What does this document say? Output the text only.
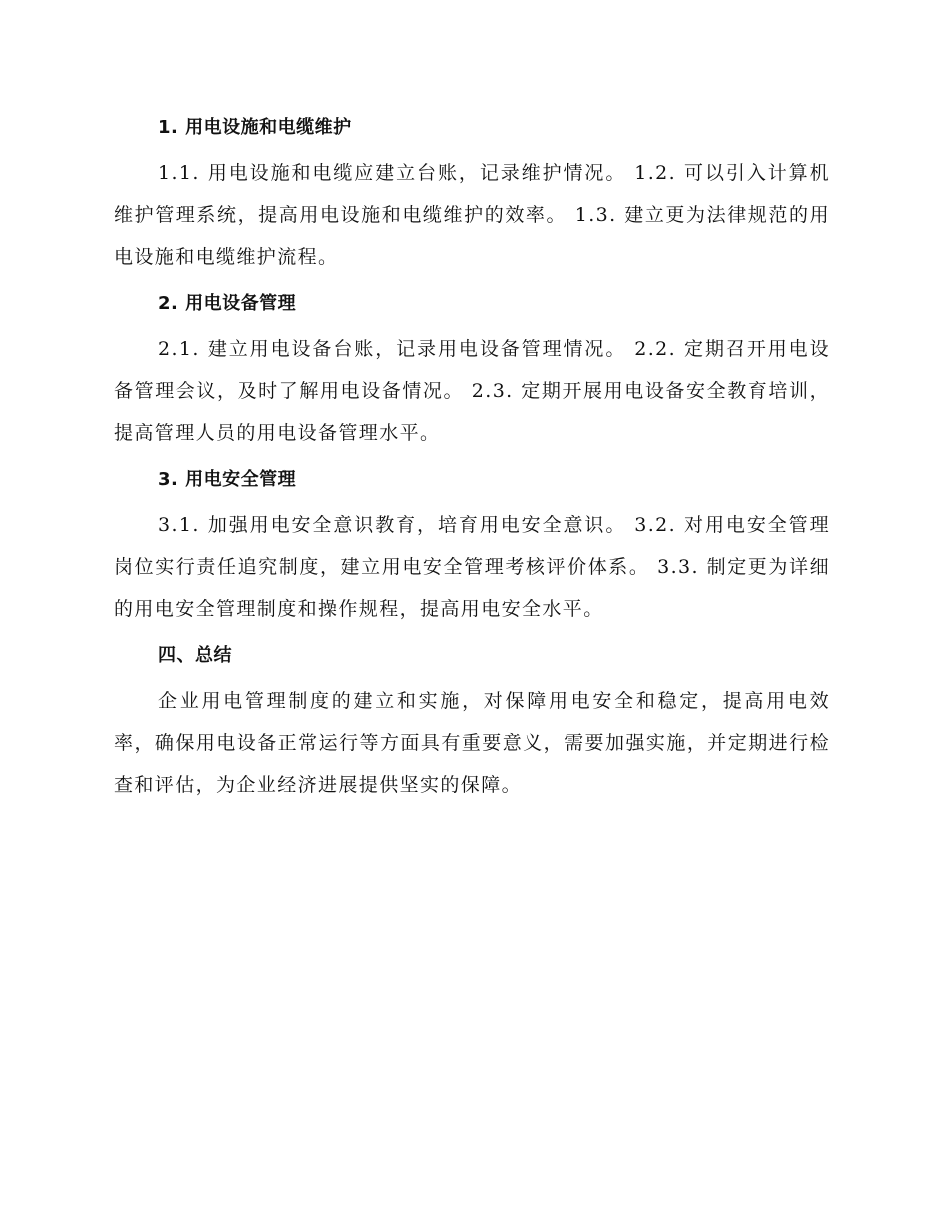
1. 用电设施和电缆维护

1.1. 用电设施和电缆应建立台账，记录维护情况。 1.2. 可以引入计算机维护管理系统，提高用电设施和电缆维护的效率。 1.3. 建立更为法律规范的用电设施和电缆维护流程。

2. 用电设备管理

2.1. 建立用电设备台账，记录用电设备管理情况。 2.2. 定期召开用电设备管理会议，及时了解用电设备情况。 2.3. 定期开展用电设备安全教育培训，提高管理人员的用电设备管理水平。

3. 用电安全管理

3.1. 加强用电安全意识教育，培育用电安全意识。 3.2. 对用电安全管理岗位实行责任追究制度，建立用电安全管理考核评价体系。 3.3. 制定更为详细的用电安全管理制度和操作规程，提高用电安全水平。

四、总结

企业用电管理制度的建立和实施，对保障用电安全和稳定，提高用电效率，确保用电设备正常运行等方面具有重要意义，需要加强实施，并定期进行检查和评估，为企业经济进展提供坚实的保障。
